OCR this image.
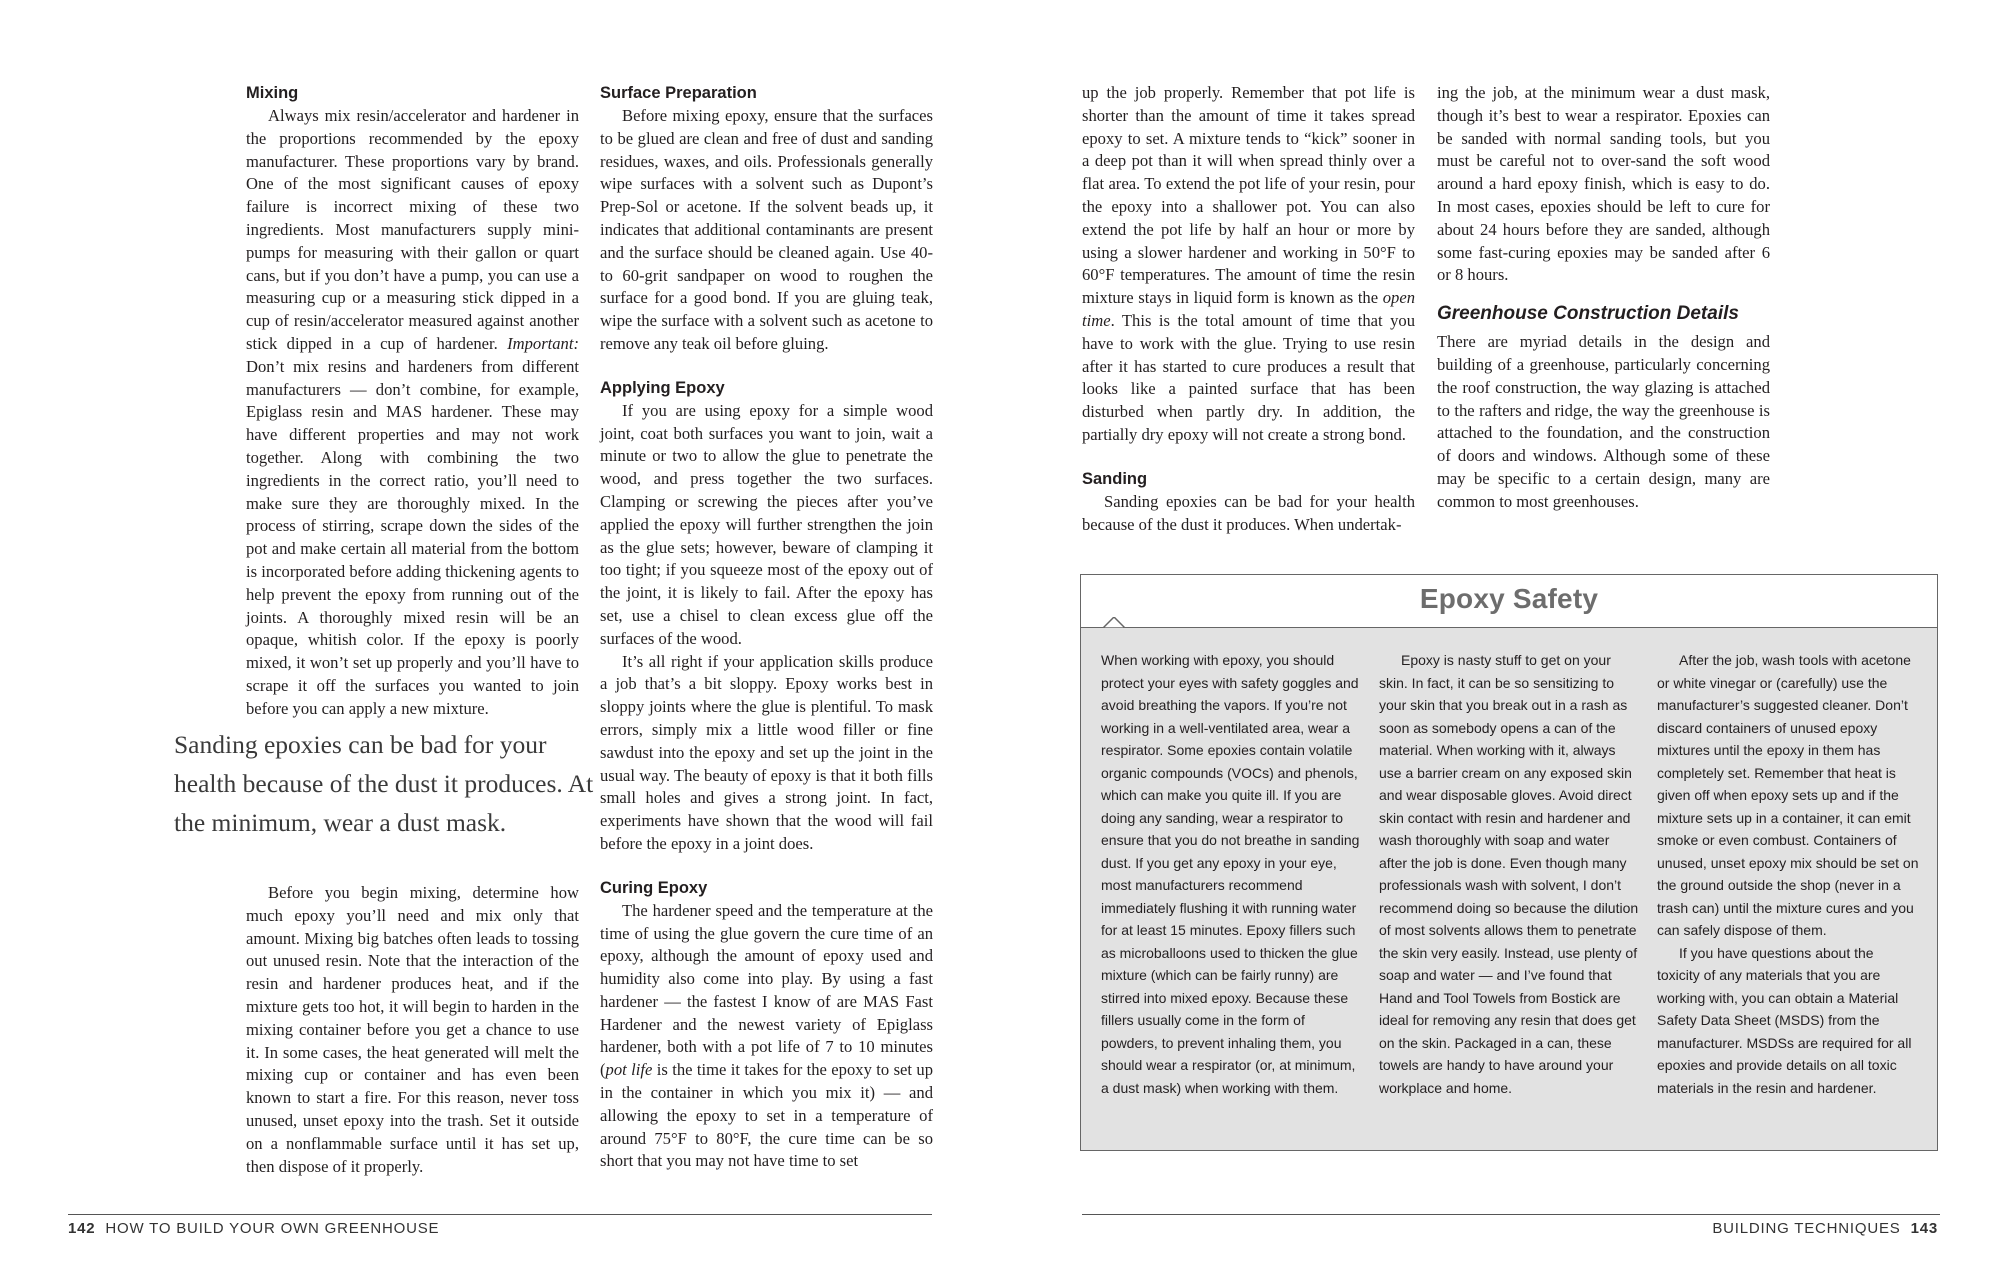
Mixing

Always mix resin/accelerator and hardener in the proportions recommended by the epoxy manufacturer. These proportions vary by brand. One of the most significant causes of epoxy failure is incorrect mixing of these two ingredients. Most manufacturers supply mini-pumps for measuring with their gallon or quart cans, but if you don’t have a pump, you can use a measuring cup or a measuring stick dipped in a cup of resin/accelerator measured against another stick dipped in a cup of hardener. Important: Don’t mix resins and hardeners from different manufacturers — don’t combine, for example, Epiglass resin and MAS hardener. These may have different properties and may not work together. Along with combining the two ingredients in the correct ratio, you’ll need to make sure they are thoroughly mixed. In the process of stirring, scrape down the sides of the pot and make certain all material from the bottom is incorporated before adding thickening agents to help prevent the epoxy from running out of the joints. A thoroughly mixed resin will be an opaque, whitish color. If the epoxy is poorly mixed, it won’t set up properly and you’ll have to scrape it off the surfaces you wanted to join before you can apply a new mixture.

Sanding epoxies can be bad for your health because of the dust it produces. At the minimum, wear a dust mask.

Before you begin mixing, determine how much epoxy you’ll need and mix only that amount. Mixing big batches often leads to tossing out unused resin. Note that the interaction of the resin and hardener produces heat, and if the mixture gets too hot, it will begin to harden in the mixing container before you get a chance to use it. In some cases, the heat generated will melt the mixing cup or container and has even been known to start a fire. For this reason, never toss unused, unset epoxy into the trash. Set it outside on a nonflammable surface until it has set up, then dispose of it properly.

Surface Preparation

Before mixing epoxy, ensure that the surfaces to be glued are clean and free of dust and sanding residues, waxes, and oils. Professionals generally wipe surfaces with a solvent such as Dupont’s Prep-Sol or acetone. If the solvent beads up, it indicates that additional contaminants are present and the surface should be cleaned again. Use 40- to 60-grit sandpaper on wood to roughen the surface for a good bond. If you are gluing teak, wipe the surface with a solvent such as acetone to remove any teak oil before gluing.

Applying Epoxy

If you are using epoxy for a simple wood joint, coat both surfaces you want to join, wait a minute or two to allow the glue to penetrate the wood, and press together the two surfaces. Clamping or screwing the pieces after you’ve applied the epoxy will further strengthen the join as the glue sets; however, beware of clamping it too tight; if you squeeze most of the epoxy out of the joint, it is likely to fail. After the epoxy has set, use a chisel to clean excess glue off the surfaces of the wood.

It’s all right if your application skills produce a job that’s a bit sloppy. Epoxy works best in sloppy joints where the glue is plentiful. To mask errors, simply mix a little wood filler or fine sawdust into the epoxy and set up the joint in the usual way. The beauty of epoxy is that it both fills small holes and gives a strong joint. In fact, experiments have shown that the wood will fail before the epoxy in a joint does.

Curing Epoxy

The hardener speed and the temperature at the time of using the glue govern the cure time of an epoxy, although the amount of epoxy used and humidity also come into play. By using a fast hardener — the fastest I know of are MAS Fast Hardener and the newest variety of Epiglass hardener, both with a pot life of 7 to 10 minutes (pot life is the time it takes for the epoxy to set up in the container in which you mix it) — and allowing the epoxy to set in a temperature of around 75°F to 80°F, the cure time can be so short that you may not have time to set

142 HOW TO BUILD YOUR OWN GREENHOUSE

up the job properly. Remember that pot life is shorter than the amount of time it takes spread epoxy to set. A mixture tends to “kick” sooner in a deep pot than it will when spread thinly over a flat area. To extend the pot life of your resin, pour the epoxy into a shallower pot. You can also extend the pot life by half an hour or more by using a slower hardener and working in 50°F to 60°F temperatures. The amount of time the resin mixture stays in liquid form is known as the open time. This is the total amount of time that you have to work with the glue. Trying to use resin after it has started to cure produces a result that looks like a painted surface that has been disturbed when partly dry. In addition, the partially dry epoxy will not create a strong bond.

Sanding

Sanding epoxies can be bad for your health because of the dust it produces. When undertak-

ing the job, at the minimum wear a dust mask, though it’s best to wear a respirator. Epoxies can be sanded with normal sanding tools, but you must be careful not to over-sand the soft wood around a hard epoxy finish, which is easy to do. In most cases, epoxies should be left to cure for about 24 hours before they are sanded, although some fast-curing epoxies may be sanded after 6 or 8 hours.

Greenhouse Construction Details

There are myriad details in the design and building of a greenhouse, particularly concerning the roof construction, the way glazing is attached to the rafters and ridge, the way the greenhouse is attached to the foundation, and the construction of doors and windows. Although some of these may be specific to a certain design, many are common to most greenhouses.

Epoxy Safety

When working with epoxy, you should protect your eyes with safety goggles and avoid breathing the vapors. If you’re not working in a well-ventilated area, wear a respirator. Some epoxies contain volatile organic compounds (VOCs) and phenols, which can make you quite ill. If you are doing any sanding, wear a respirator to ensure that you do not breathe in sanding dust. If you get any epoxy in your eye, most manufacturers recommend immediately flushing it with running water for at least 15 minutes. Epoxy fillers such as microballoons used to thicken the glue mixture (which can be fairly runny) are stirred into mixed epoxy. Because these fillers usually come in the form of powders, to prevent inhaling them, you should wear a respirator (or, at minimum, a dust mask) when working with them.

Epoxy is nasty stuff to get on your skin. In fact, it can be so sensitizing to your skin that you break out in a rash as soon as somebody opens a can of the material. When working with it, always use a barrier cream on any exposed skin and wear disposable gloves. Avoid direct skin contact with resin and hardener and wash thoroughly with soap and water after the job is done. Even though many professionals wash with solvent, I don’t recommend doing so because the dilution of most solvents allows them to penetrate the skin very easily. Instead, use plenty of soap and water — and I’ve found that Hand and Tool Towels from Bostick are ideal for removing any resin that does get on the skin. Packaged in a can, these towels are handy to have around your workplace and home.

After the job, wash tools with acetone or white vinegar or (carefully) use the manufacturer’s suggested cleaner. Don’t discard containers of unused epoxy mixtures until the epoxy in them has completely set. Remember that heat is given off when epoxy sets up and if the mixture sets up in a container, it can emit smoke or even combust. Containers of unused, unset epoxy mix should be set on the ground outside the shop (never in a trash can) until the mixture cures and you can safely dispose of them.

If you have questions about the toxicity of any materials that you are working with, you can obtain a Material Safety Data Sheet (MSDS) from the manufacturer. MSDSs are required for all epoxies and provide details on all toxic materials in the resin and hardener.

BUILDING TECHNIQUES 143
